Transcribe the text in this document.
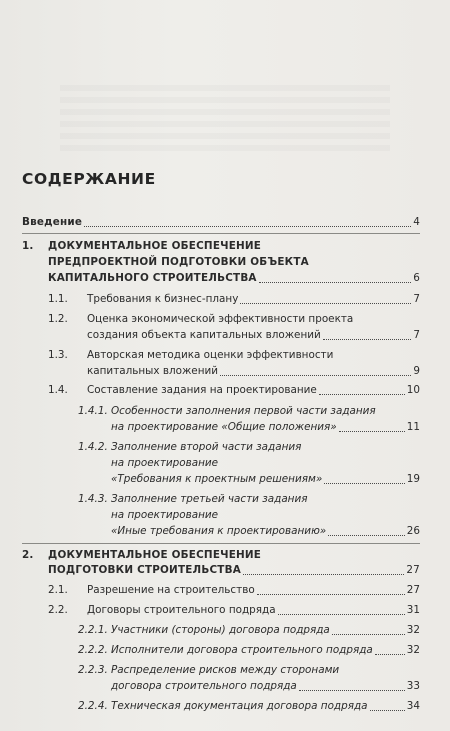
СОДЕРЖАНИЕ
Введение	4
1. ДОКУМЕНТАЛЬНОЕ ОБЕСПЕЧЕНИЕ
ПРЕДПРОЕКТНОЙ ПОДГОТОВКИ ОБЪЕКТА
КАПИТАЛЬНОГО СТРОИТЕЛЬСТВА	6
1.1. Требования к бизнес-плану	7
1.2. Оценка экономической эффективности проекта
создания объекта капитальных вложений	7
1.3. Авторская методика оценки эффективности
капитальных вложений	9
1.4. Составление задания на проектирование	10
1.4.1. Особенности заполнения первой части задания
на проектирование «Общие положения»	11
1.4.2. Заполнение второй части задания
на проектирование
«Требования к проектным решениям»	19
1.4.3. Заполнение третьей части задания
на проектирование
«Иные требования к проектированию»	26
2. ДОКУМЕНТАЛЬНОЕ ОБЕСПЕЧЕНИЕ
ПОДГОТОВКИ СТРОИТЕЛЬСТВА	27
2.1. Разрешение на строительство	27
2.2. Договоры строительного подряда	31
2.2.1. Участники (стороны) договора подряда	32
2.2.2. Исполнители договора строительного подряда	32
2.2.3. Распределение рисков между сторонами
договора строительного подряда	33
2.2.4. Техническая документация договора подряда	34
